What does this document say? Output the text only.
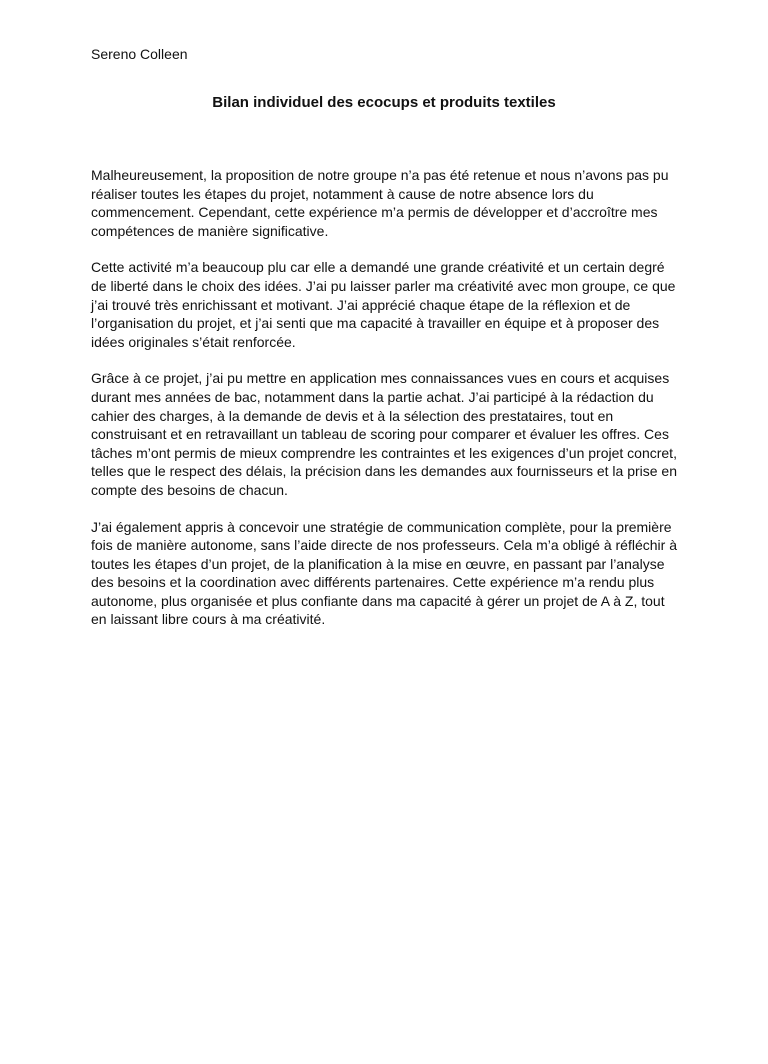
Sereno Colleen

Bilan individuel des ecocups et produits textiles

Malheureusement, la proposition de notre groupe n’a pas été retenue et nous n’avons pas pu réaliser toutes les étapes du projet, notamment à cause de notre absence lors du commencement. Cependant, cette expérience m’a permis de développer et d’accroître mes compétences de manière significative.

Cette activité m’a beaucoup plu car elle a demandé une grande créativité et un certain degré de liberté dans le choix des idées. J’ai pu laisser parler ma créativité avec mon groupe, ce que j’ai trouvé très enrichissant et motivant. J’ai apprécié chaque étape de la réflexion et de l’organisation du projet, et j’ai senti que ma capacité à travailler en équipe et à proposer des idées originales s’était renforcée.

Grâce à ce projet, j’ai pu mettre en application mes connaissances vues en cours et acquises durant mes années de bac, notamment dans la partie achat. J’ai participé à la rédaction du cahier des charges, à la demande de devis et à la sélection des prestataires, tout en construisant et en retravaillant un tableau de scoring pour comparer et évaluer les offres. Ces tâches m’ont permis de mieux comprendre les contraintes et les exigences d’un projet concret, telles que le respect des délais, la précision dans les demandes aux fournisseurs et la prise en compte des besoins de chacun.

J’ai également appris à concevoir une stratégie de communication complète, pour la première fois de manière autonome, sans l’aide directe de nos professeurs. Cela m’a obligé à réfléchir à toutes les étapes d’un projet, de la planification à la mise en œuvre, en passant par l’analyse des besoins et la coordination avec différents partenaires. Cette expérience m’a rendu plus autonome, plus organisée et plus confiante dans ma capacité à gérer un projet de A à Z, tout en laissant libre cours à ma créativité.
